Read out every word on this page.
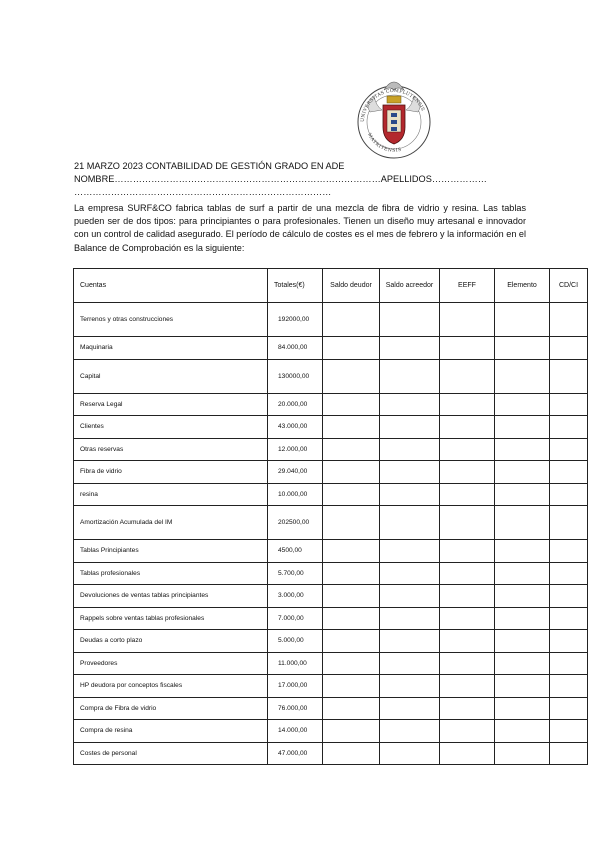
UNIVERSITAS COMPLUTENSIS
MATRITENSIS
21 MARZO 2023 CONTABILIDAD DE GESTIÓN GRADO EN ADE
NOMBRE……………………………………………………………………………APELLIDOS………………
…………………………………………………………………………
La empresa SURF&CO fabrica tablas de surf a partir de una mezcla de fibra de vidrio y resina. Las tablas pueden ser de dos tipos: para principiantes o para profesionales. Tienen un diseño muy artesanal e innovador con un control de calidad asegurado. El período de cálculo de costes es el mes de febrero y la información en el Balance de Comprobación es la siguiente:
Cuentas	Totales(€)	Saldo deudor	Saldo acreedor	EEFF	Elemento	CD/CI
Terrenos y otras construcciones	192000,00					
Maquinaria	84.000,00					
Capital	130000,00					
Reserva Legal	20.000,00					
Clientes	43.000,00					
Otras reservas	12.000,00					
Fibra de vidrio	29.040,00					
resina	10.000,00					
Amortización Acumulada del IM	202500,00					
Tablas Principiantes	4500,00					
Tablas profesionales	5.700,00					
Devoluciones de ventas tablas principiantes	3.000,00					
Rappels sobre ventas tablas profesionales	7.000,00					
Deudas a corto plazo	5.000,00					
Proveedores	11.000,00					
HP deudora por conceptos fiscales	17.000,00					
Compra de Fibra de vidrio	76.000,00					
Compra de resina	14.000,00					
Costes de personal	47.000,00					
